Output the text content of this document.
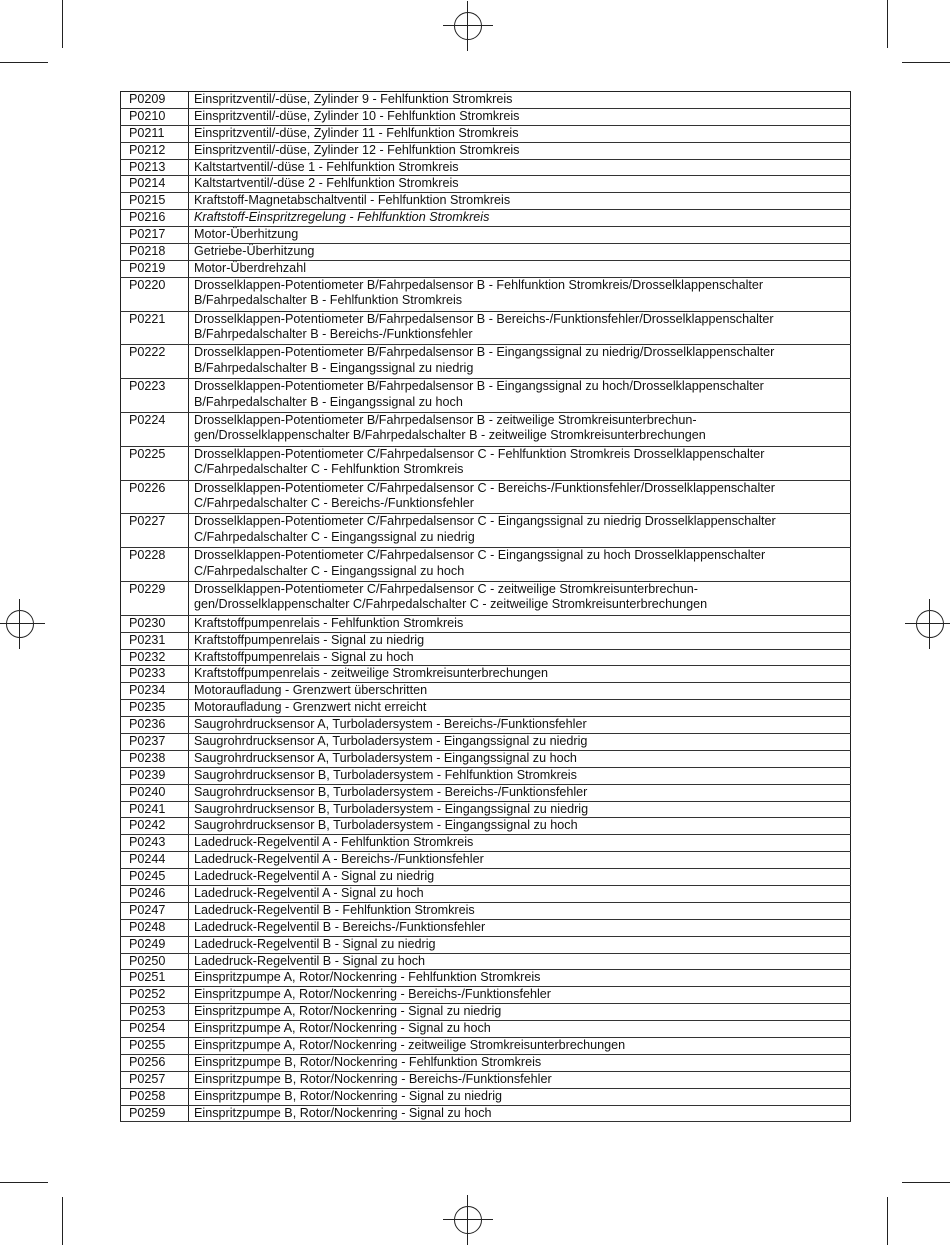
P0209	Einspritzventil/-düse, Zylinder 9 - Fehlfunktion Stromkreis

P0210	Einspritzventil/-düse, Zylinder 10 - Fehlfunktion Stromkreis

P0211	Einspritzventil/-düse, Zylinder 11 - Fehlfunktion Stromkreis

P0212	Einspritzventil/-düse, Zylinder 12 - Fehlfunktion Stromkreis

P0213	Kaltstartventil/-düse 1 - Fehlfunktion Stromkreis

P0214	Kaltstartventil/-düse 2 - Fehlfunktion Stromkreis

P0215	Kraftstoff-Magnetabschaltventil - Fehlfunktion Stromkreis

P0216	Kraftstoff-Einspritzregelung - Fehlfunktion Stromkreis

P0217	Motor-Überhitzung

P0218	Getriebe-Überhitzung

P0219	Motor-Überdrehzahl

P0220	Drosselklappen-Potentiometer B/Fahrpedalsensor B - Fehlfunktion Stromkreis/Drosselklappenschalter
B/Fahrpedalschalter B - Fehlfunktion Stromkreis

P0221	Drosselklappen-Potentiometer B/Fahrpedalsensor B - Bereichs-/Funktionsfehler/Drosselklappenschalter
B/Fahrpedalschalter B - Bereichs-/Funktionsfehler

P0222	Drosselklappen-Potentiometer B/Fahrpedalsensor B - Eingangssignal zu niedrig/Drosselklappenschalter
B/Fahrpedalschalter B - Eingangssignal zu niedrig

P0223	Drosselklappen-Potentiometer B/Fahrpedalsensor B - Eingangssignal zu hoch/Drosselklappenschalter
B/Fahrpedalschalter B - Eingangssignal zu hoch

P0224	Drosselklappen-Potentiometer B/Fahrpedalsensor B - zeitweilige Stromkreisunterbrechun-
gen/Drosselklappenschalter B/Fahrpedalschalter B - zeitweilige Stromkreisunterbrechungen

P0225	Drosselklappen-Potentiometer C/Fahrpedalsensor C - Fehlfunktion Stromkreis Drosselklappenschalter
C/Fahrpedalschalter C - Fehlfunktion Stromkreis

P0226	Drosselklappen-Potentiometer C/Fahrpedalsensor C - Bereichs-/Funktionsfehler/Drosselklappenschalter
C/Fahrpedalschalter C - Bereichs-/Funktionsfehler

P0227	Drosselklappen-Potentiometer C/Fahrpedalsensor C - Eingangssignal zu niedrig Drosselklappenschalter
C/Fahrpedalschalter C - Eingangssignal zu niedrig

P0228	Drosselklappen-Potentiometer C/Fahrpedalsensor C - Eingangssignal zu hoch Drosselklappenschalter
C/Fahrpedalschalter C - Eingangssignal zu hoch

P0229	Drosselklappen-Potentiometer C/Fahrpedalsensor C - zeitweilige Stromkreisunterbrechun-
gen/Drosselklappenschalter C/Fahrpedalschalter C - zeitweilige Stromkreisunterbrechungen

P0230	Kraftstoffpumpenrelais - Fehlfunktion Stromkreis

P0231	Kraftstoffpumpenrelais - Signal zu niedrig

P0232	Kraftstoffpumpenrelais - Signal zu hoch

P0233	Kraftstoffpumpenrelais - zeitweilige Stromkreisunterbrechungen

P0234	Motoraufladung - Grenzwert überschritten

P0235	Motoraufladung - Grenzwert nicht erreicht

P0236	Saugrohrdrucksensor A, Turboladersystem - Bereichs-/Funktionsfehler

P0237	Saugrohrdrucksensor A, Turboladersystem - Eingangssignal zu niedrig

P0238	Saugrohrdrucksensor A, Turboladersystem - Eingangssignal zu hoch

P0239	Saugrohrdrucksensor B, Turboladersystem - Fehlfunktion Stromkreis

P0240	Saugrohrdrucksensor B, Turboladersystem - Bereichs-/Funktionsfehler

P0241	Saugrohrdrucksensor B, Turboladersystem - Eingangssignal zu niedrig

P0242	Saugrohrdrucksensor B, Turboladersystem - Eingangssignal zu hoch

P0243	Ladedruck-Regelventil A - Fehlfunktion Stromkreis

P0244	Ladedruck-Regelventil A - Bereichs-/Funktionsfehler

P0245	Ladedruck-Regelventil A - Signal zu niedrig

P0246	Ladedruck-Regelventil A - Signal zu hoch

P0247	Ladedruck-Regelventil B - Fehlfunktion Stromkreis

P0248	Ladedruck-Regelventil B - Bereichs-/Funktionsfehler

P0249	Ladedruck-Regelventil B - Signal zu niedrig

P0250	Ladedruck-Regelventil B - Signal zu hoch

P0251	Einspritzpumpe A, Rotor/Nockenring - Fehlfunktion Stromkreis

P0252	Einspritzpumpe A, Rotor/Nockenring - Bereichs-/Funktionsfehler

P0253	Einspritzpumpe A, Rotor/Nockenring - Signal zu niedrig

P0254	Einspritzpumpe A, Rotor/Nockenring - Signal zu hoch

P0255	Einspritzpumpe A, Rotor/Nockenring - zeitweilige Stromkreisunterbrechungen

P0256	Einspritzpumpe B, Rotor/Nockenring - Fehlfunktion Stromkreis

P0257	Einspritzpumpe B, Rotor/Nockenring - Bereichs-/Funktionsfehler

P0258	Einspritzpumpe B, Rotor/Nockenring - Signal zu niedrig

P0259	Einspritzpumpe B, Rotor/Nockenring - Signal zu hoch
